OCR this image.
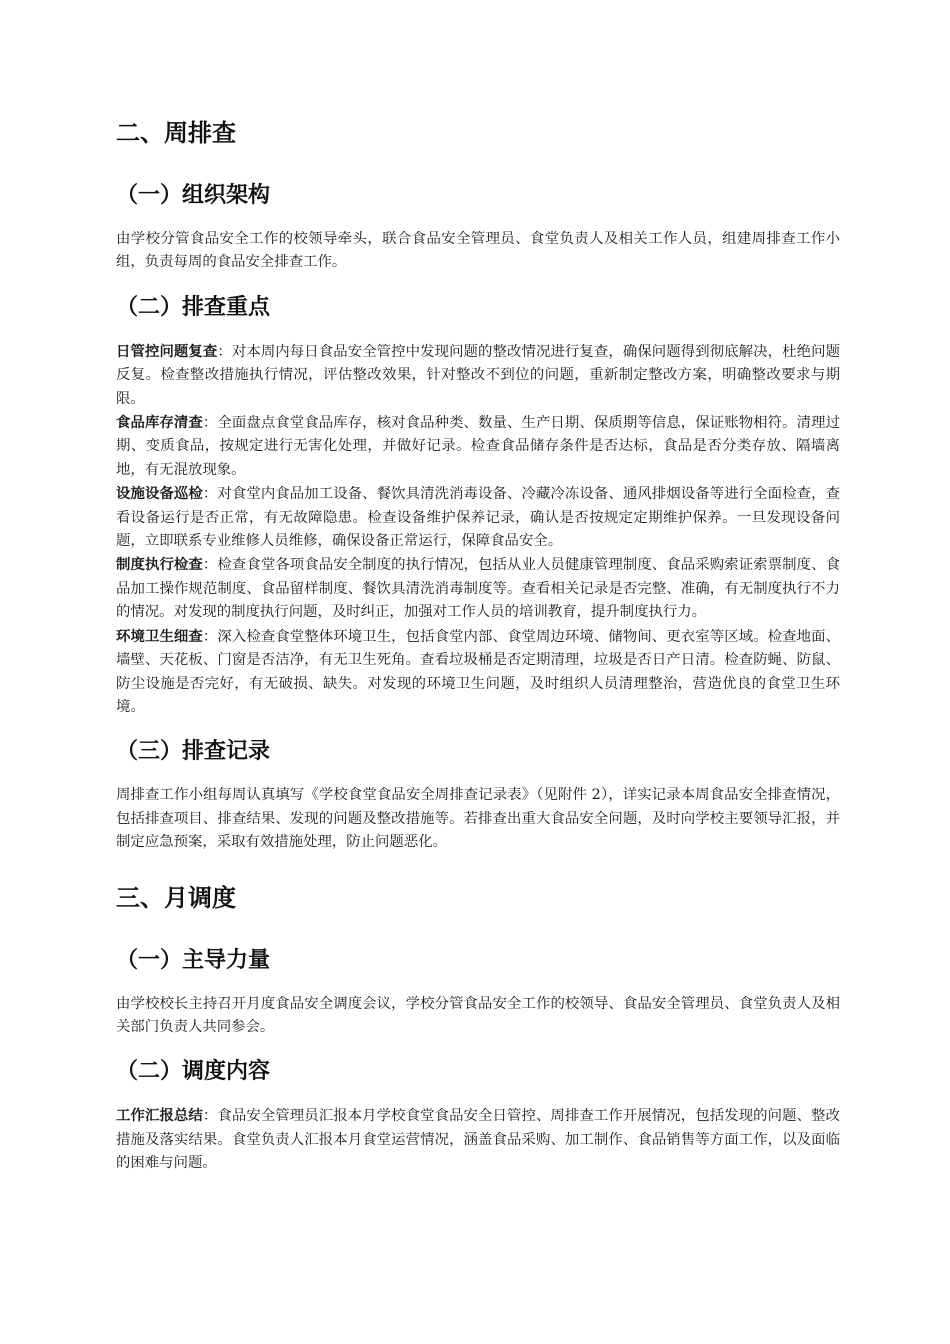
二、周排查
（一）组织架构

由学校分管食品安全工作的校领导牵头，联合食品安全管理员、食堂负责人及相关工作人员，组建周排查工作小组，负责每周的食品安全排查工作。

（二）排查重点

日管控问题复查：对本周内每日食品安全管控中发现问题的整改情况进行复查，确保问题得到彻底解决，杜绝问题反复。检查整改措施执行情况，评估整改效果，针对整改不到位的问题，重新制定整改方案，明确整改要求与期限。

食品库存清查：全面盘点食堂食品库存，核对食品种类、数量、生产日期、保质期等信息，保证账物相符。清理过期、变质食品，按规定进行无害化处理，并做好记录。检查食品储存条件是否达标，食品是否分类存放、隔墙离地，有无混放现象。

设施设备巡检：对食堂内食品加工设备、餐饮具清洗消毒设备、冷藏冷冻设备、通风排烟设备等进行全面检查，查看设备运行是否正常，有无故障隐患。检查设备维护保养记录，确认是否按规定定期维护保养。一旦发现设备问题，立即联系专业维修人员维修，确保设备正常运行，保障食品安全。

制度执行检查：检查食堂各项食品安全制度的执行情况，包括从业人员健康管理制度、食品采购索证索票制度、食品加工操作规范制度、食品留样制度、餐饮具清洗消毒制度等。查看相关记录是否完整、准确，有无制度执行不力的情况。对发现的制度执行问题，及时纠正，加强对工作人员的培训教育，提升制度执行力。

环境卫生细查：深入检查食堂整体环境卫生，包括食堂内部、食堂周边环境、储物间、更衣室等区域。检查地面、墙壁、天花板、门窗是否洁净，有无卫生死角。查看垃圾桶是否定期清理，垃圾是否日产日清。检查防蝇、防鼠、防尘设施是否完好，有无破损、缺失。对发现的环境卫生问题，及时组织人员清理整治，营造优良的食堂卫生环境。

（三）排查记录

周排查工作小组每周认真填写《学校食堂食品安全周排查记录表》（见附件 2），详实记录本周食品安全排查情况，包括排查项目、排查结果、发现的问题及整改措施等。若排查出重大食品安全问题，及时向学校主要领导汇报，并制定应急预案，采取有效措施处理，防止问题恶化。

三、月调度
（一）主导力量

由学校校长主持召开月度食品安全调度会议，学校分管食品安全工作的校领导、食品安全管理员、食堂负责人及相关部门负责人共同参会。

（二）调度内容

工作汇报总结：食品安全管理员汇报本月学校食堂食品安全日管控、周排查工作开展情况，包括发现的问题、整改措施及落实结果。食堂负责人汇报本月食堂运营情况，涵盖食品采购、加工制作、食品销售等方面工作，以及面临的困难与问题。
